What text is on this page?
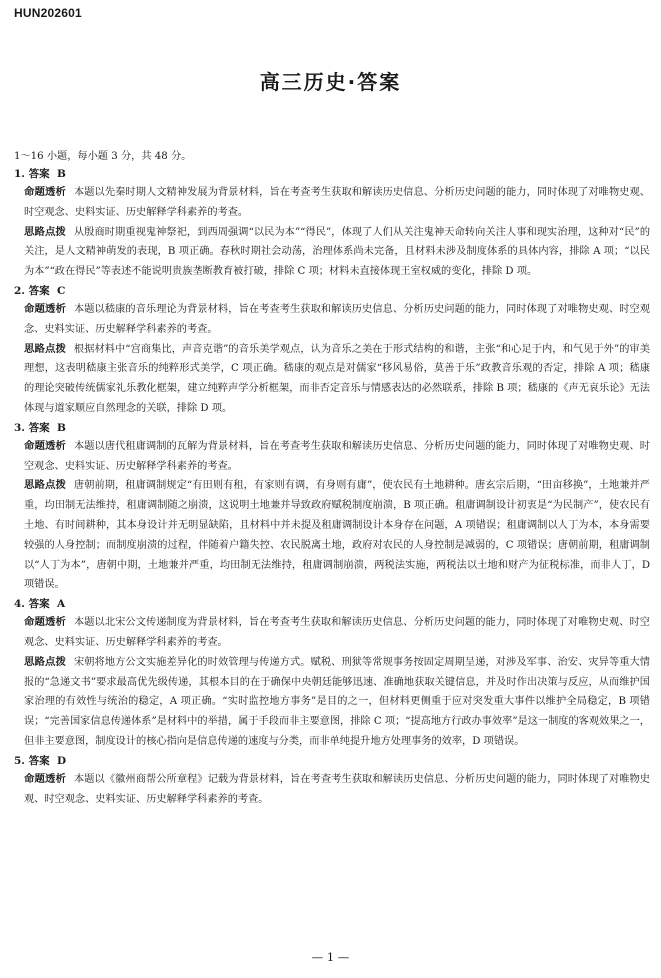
HUN202601
高三历史·答案
1～16 小题，每小题 3 分，共 48 分。
1. 答案 B
命题透析 本题以先秦时期人文精神发展为背景材料，旨在考查考生获取和解读历史信息、分析历史问题的能力，同时体现了对唯物史观、时空观念、史料实证、历史解释学科素养的考查。
思路点拨 从殷商时期重视鬼神祭祀，到西周强调“以民为本”“得民”，体现了人们从关注鬼神天命转向关注人事和现实治理，这种对“民”的关注，是人文精神萌发的表现，B 项正确。春秋时期社会动荡，治理体系尚未完备，且材料未涉及制度体系的具体内容，排除 A 项；“以民为本”“政在得民”等表述不能说明贵族垄断教育被打破，排除 C 项；材料未直接体现王室权威的变化，排除 D 项。
2. 答案 C
命题透析 本题以嵇康的音乐理论为背景材料，旨在考查考生获取和解读历史信息、分析历史问题的能力，同时体现了对唯物史观、时空观念、史料实证、历史解释学科素养的考查。
思路点拨 根据材料中“宫商集比，声音克谐”的音乐美学观点，认为音乐之美在于形式结构的和谐，主张“和心足于内，和气见于外”的审美理想，这表明嵇康主张音乐的纯粹形式美学，C 项正确。嵇康的观点是对儒家“移风易俗，莫善于乐”政教音乐观的否定，排除 A 项；嵇康的理论突破传统儒家礼乐教化框架，建立纯粹声学分析框架，而非否定音乐与情感表达的必然联系，排除 B 项；嵇康的《声无哀乐论》无法体现与道家顺应自然理念的关联，排除 D 项。
3. 答案 B
命题透析 本题以唐代租庸调制的瓦解为背景材料，旨在考查考生获取和解读历史信息、分析历史问题的能力，同时体现了对唯物史观、时空观念、史料实证、历史解释学科素养的考查。
思路点拨 唐朝前期，租庸调制规定“有田则有租，有家则有调，有身则有庸”，使农民有土地耕种。唐玄宗后期，“田亩移换”，土地兼并严重，均田制无法维持，租庸调制随之崩溃，这说明土地兼并导致政府赋税制度崩溃，B 项正确。租庸调制设计初衷是“为民制产”，使农民有土地、有时间耕种，其本身设计并无明显缺陷，且材料中并未提及租庸调制设计本身存在问题，A 项错误；租庸调制以人丁为本，本身需要较强的人身控制；而制度崩溃的过程，伴随着户籍失控、农民脱离土地，政府对农民的人身控制是减弱的，C 项错误；唐朝前期，租庸调制以“人丁为本”，唐朝中期，土地兼并严重，均田制无法维持，租庸调制崩溃，两税法实施，两税法以土地和财产为征税标准，而非人丁，D 项错误。
4. 答案 A
命题透析 本题以北宋公文传递制度为背景材料，旨在考查考生获取和解读历史信息、分析历史问题的能力，同时体现了对唯物史观、时空观念、史料实证、历史解释学科素养的考查。
思路点拨 宋朝将地方公文实施差异化的时效管理与传递方式。赋税、刑狱等常规事务按固定周期呈递，对涉及军事、治安、灾异等重大情报的“急递文书”要求最高优先级传递，其根本目的在于确保中央朝廷能够迅速、准确地获取关键信息，并及时作出决策与反应，从而维护国家治理的有效性与统治的稳定，A 项正确。“实时监控地方事务”是目的之一，但材料更侧重于应对突发重大事件以维护全局稳定，B 项错误；“完善国家信息传递体系”是材料中的举措，属于手段而非主要意图，排除 C 项；“提高地方行政办事效率”是这一制度的客观效果之一，但非主要意图，制度设计的核心指向是信息传递的速度与分类，而非单纯提升地方处理事务的效率，D 项错误。
5. 答案 D
命题透析 本题以《徽州商帮公所章程》记载为背景材料，旨在考查考生获取和解读历史信息、分析历史问题的能力，同时体现了对唯物史观、时空观念、史料实证、历史解释学科素养的考查。
— 1 —
